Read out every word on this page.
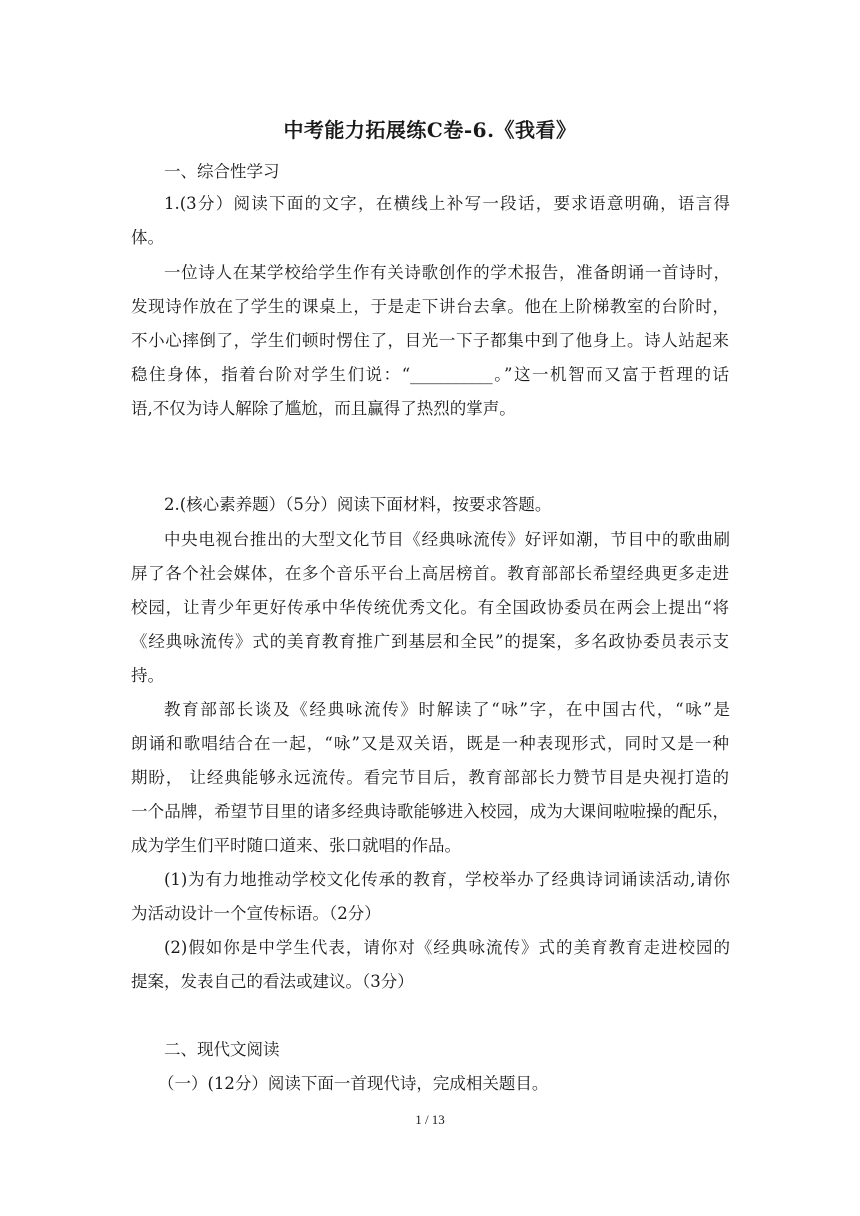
中考能力拓展练C卷-6.《我看》
一、综合性学习
1.(3分）阅读下面的文字，在横线上补写一段话，要求语意明确，语言得
体。
一位诗人在某学校给学生作有关诗歌创作的学术报告，准备朗诵一首诗时，
发现诗作放在了学生的课桌上，于是走下讲台去拿。他在上阶梯教室的台阶时，
不小心摔倒了，学生们顿时愣住了，目光一下子都集中到了他身上。诗人站起来
稳住身体，指着台阶对学生们说：“__________。”这一机智而又富于哲理的话
语,不仅为诗人解除了尴尬，而且赢得了热烈的掌声。
2.(核心素养题）（5分）阅读下面材料，按要求答题。
中央电视台推出的大型文化节目《经典咏流传》好评如潮，节目中的歌曲刷
屏了各个社会媒体，在多个音乐平台上高居榜首。教育部部长希望经典更多走进
校园，让青少年更好传承中华传统优秀文化。有全国政协委员在两会上提出“将
《经典咏流传》式的美育教育推广到基层和全民”的提案，多名政协委员表示支
持。
教育部部长谈及《经典咏流传》时解读了“咏”字，在中国古代，“咏”是
朗诵和歌唱结合在一起，“咏”又是双关语，既是一种表现形式，同时又是一种
期盼， 让经典能够永远流传。看完节目后，教育部部长力赞节目是央视打造的
一个品牌，希望节目里的诸多经典诗歌能够进入校园，成为大课间啦啦操的配乐，
成为学生们平时随口道来、张口就唱的作品。
(1)为有力地推动学校文化传承的教育，学校举办了经典诗词诵读活动,请你
为活动设计一个宣传标语。（2分）
(2)假如你是中学生代表，请你对《经典咏流传》式的美育教育走进校园的
提案，发表自己的看法或建议。（3分）
二、现代文阅读
（一）(12分）阅读下面一首现代诗，完成相关题目。
1 / 13
